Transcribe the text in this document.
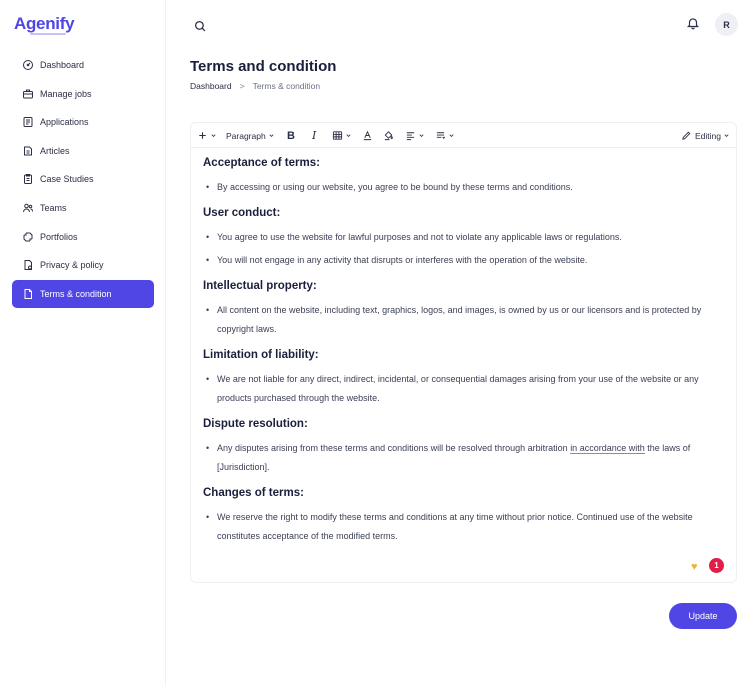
Agenify
Dashboard
Manage jobs
Applications
Articles
Case Studies
Teams
Portfolios
Privacy & policy
Terms & condition
R
Terms and condition
Dashboard > Terms & condition
Paragraph B I	Editing
Acceptance of terms:
• By accessing or using our website, you agree to be bound by these terms and conditions.
User conduct:
• You agree to use the website for lawful purposes and not to violate any applicable laws or regulations.
• You will not engage in any activity that disrupts or interferes with the operation of the website.
Intellectual property:
• All content on the website, including text, graphics, logos, and images, is owned by us or our licensors and is protected by copyright laws.
Limitation of liability:
• We are not liable for any direct, indirect, incidental, or consequential damages arising from your use of the website or any products purchased through the website.
Dispute resolution:
• Any disputes arising from these terms and conditions will be resolved through arbitration in accordance with the laws of [Jurisdiction].
Changes of terms:
• We reserve the right to modify these terms and conditions at any time without prior notice. Continued use of the website constitutes acceptance of the modified terms.
♥	1
Update
